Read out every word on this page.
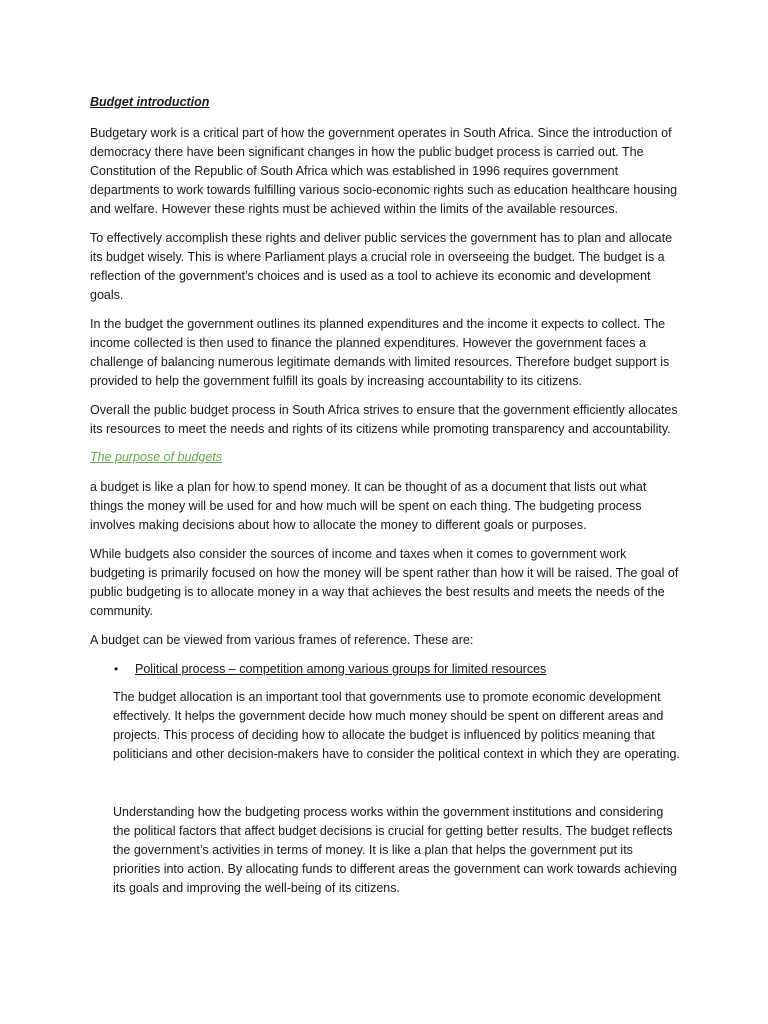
Budget introduction

Budgetary work is a critical part of how the government operates in South Africa. Since the introduction of democracy there have been significant changes in how the public budget process is carried out. The Constitution of the Republic of South Africa which was established in 1996 requires government departments to work towards fulfilling various socio-economic rights such as education healthcare housing and welfare. However these rights must be achieved within the limits of the available resources.

To effectively accomplish these rights and deliver public services the government has to plan and allocate its budget wisely. This is where Parliament plays a crucial role in overseeing the budget. The budget is a reflection of the government’s choices and is used as a tool to achieve its economic and development goals.

In the budget the government outlines its planned expenditures and the income it expects to collect. The income collected is then used to finance the planned expenditures. However the government faces a challenge of balancing numerous legitimate demands with limited resources. Therefore budget support is provided to help the government fulfill its goals by increasing accountability to its citizens.

Overall the public budget process in South Africa strives to ensure that the government efficiently allocates its resources to meet the needs and rights of its citizens while promoting transparency and accountability.

The purpose of budgets

a budget is like a plan for how to spend money. It can be thought of as a document that lists out what things the money will be used for and how much will be spent on each thing. The budgeting process involves making decisions about how to allocate the money to different goals or purposes.

While budgets also consider the sources of income and taxes when it comes to government work budgeting is primarily focused on how the money will be spent rather than how it will be raised. The goal of public budgeting is to allocate money in a way that achieves the best results and meets the needs of the community.

A budget can be viewed from various frames of reference. These are:

• Political process – competition among various groups for limited resources

The budget allocation is an important tool that governments use to promote economic development effectively. It helps the government decide how much money should be spent on different areas and projects. This process of deciding how to allocate the budget is influenced by politics meaning that politicians and other decision-makers have to consider the political context in which they are operating.

Understanding how the budgeting process works within the government institutions and considering the political factors that affect budget decisions is crucial for getting better results. The budget reflects the government’s activities in terms of money. It is like a plan that helps the government put its priorities into action. By allocating funds to different areas the government can work towards achieving its goals and improving the well-being of its citizens.
